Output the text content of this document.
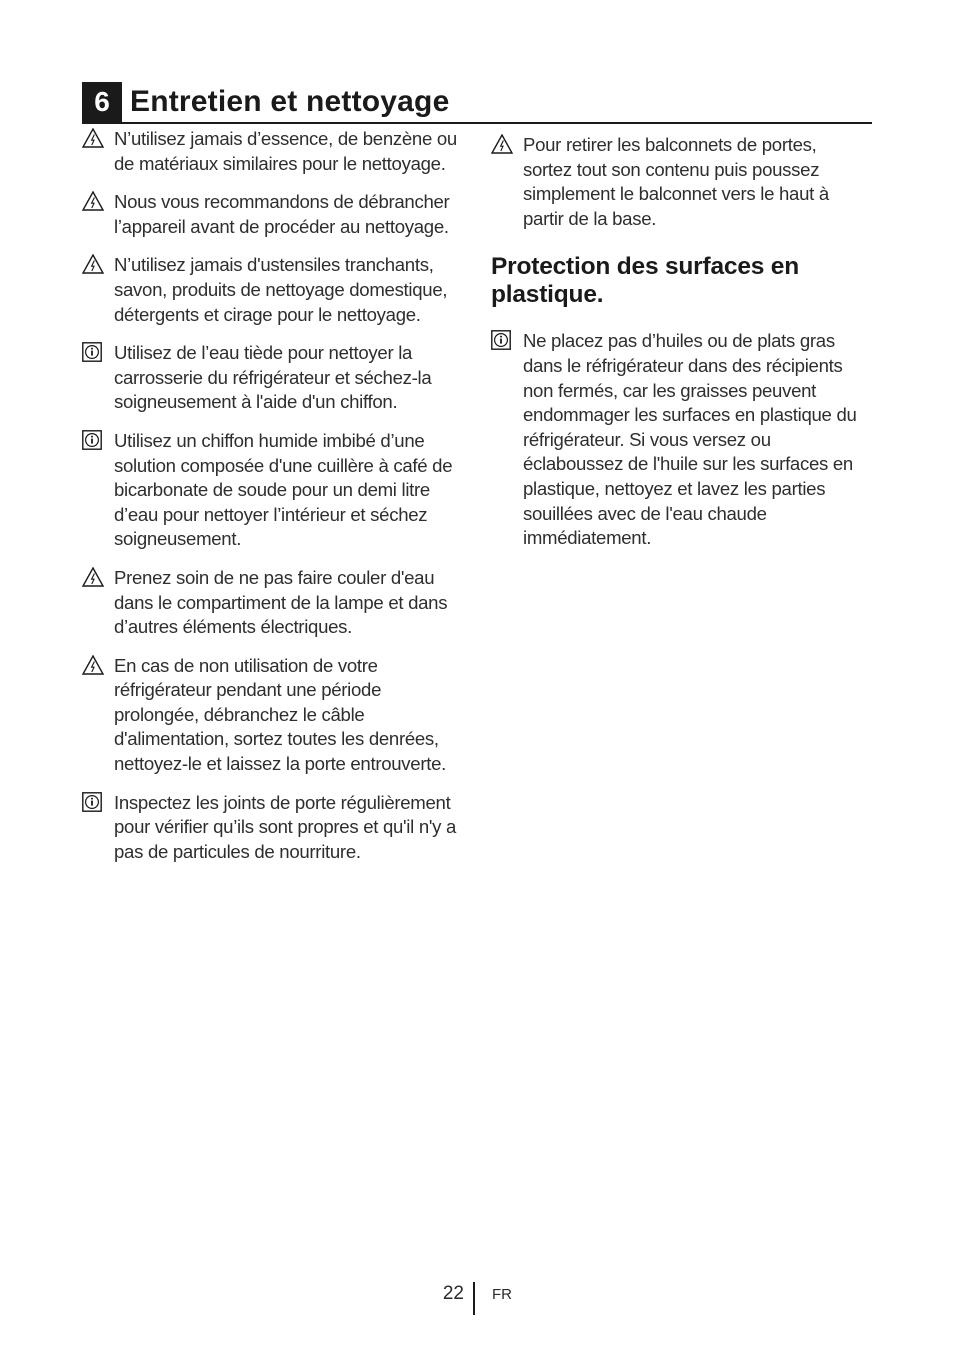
6 Entretien et nettoyage
N’utilisez jamais d’essence, de benzène ou de matériaux similaires pour le nettoyage.
Nous vous recommandons de débrancher l’appareil avant de procéder au nettoyage.
N’utilisez jamais d'ustensiles tranchants, savon, produits de nettoyage domestique, détergents et cirage pour le nettoyage.
Utilisez de l’eau tiède pour nettoyer la carrosserie du réfrigérateur et séchez-la soigneusement à l'aide d'un chiffon.
Utilisez un chiffon humide imbibé d’une solution composée d'une cuillère à café de bicarbonate de soude pour un demi litre d’eau pour nettoyer l’intérieur et séchez soigneusement.
Prenez soin de ne pas faire couler d'eau dans le compartiment de la lampe et dans d’autres éléments électriques.
En cas de non utilisation de votre réfrigérateur pendant une période prolongée, débranchez le câble d'alimentation, sortez toutes les denrées, nettoyez-le et laissez la porte entrouverte.
Inspectez les joints de porte régulièrement pour vérifier qu’ils sont propres et qu'il n'y a pas de particules de nourriture.
Pour retirer les balconnets de portes, sortez tout son contenu puis poussez simplement le balconnet vers le haut à partir de la base.
Protection des surfaces en plastique.
Ne placez pas d’huiles ou de plats gras dans le réfrigérateur dans des récipients non fermés, car les graisses peuvent endommager les surfaces en plastique du réfrigérateur. Si vous versez ou éclaboussez de l'huile sur les surfaces en plastique, nettoyez et lavez les parties souillées avec de l'eau chaude immédiatement.
22 FR
